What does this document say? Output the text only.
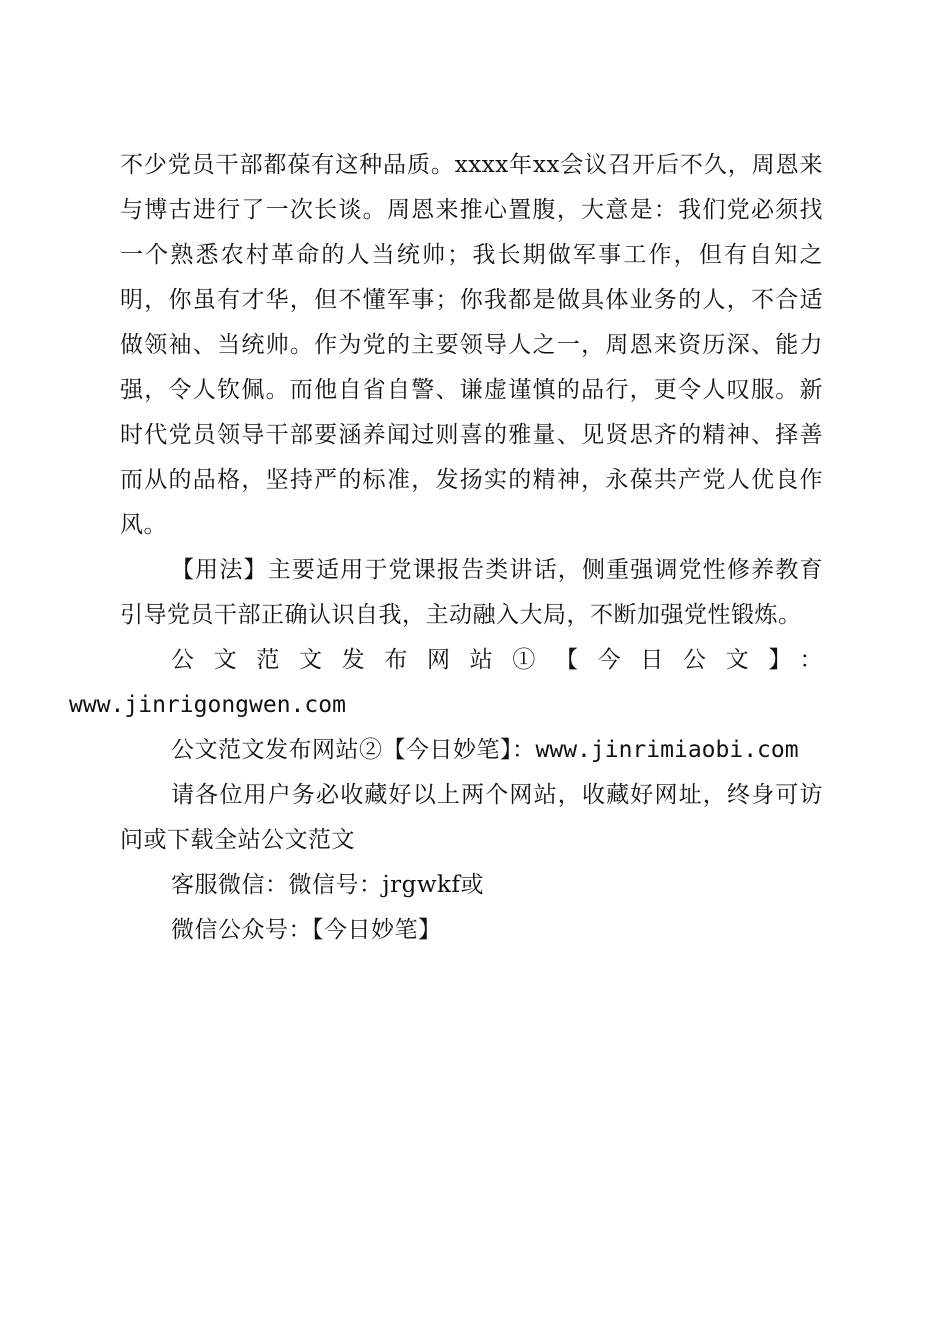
不少党员干部都葆有这种品质。xxxx年xx会议召开后不久，周恩来与博古进行了一次长谈。周恩来推心置腹，大意是：我们党必须找一个熟悉农村革命的人当统帅；我长期做军事工作，但有自知之明，你虽有才华，但不懂军事；你我都是做具体业务的人，不合适做领袖、当统帅。作为党的主要领导人之一，周恩来资历深、能力强，令人钦佩。而他自省自警、谦虚谨慎的品行，更令人叹服。新时代党员领导干部要涵养闻过则喜的雅量、见贤思齐的精神、择善而从的品格，坚持严的标准，发扬实的精神，永葆共产党人优良作风。

【用法】主要适用于党课报告类讲话，侧重强调党性修养教育引导党员干部正确认识自我，主动融入大局，不断加强党性锻炼。

公文范文发布网站①【今日公文】：
www.jinrigongwen.com

公文范文发布网站②【今日妙笔】：www.jinrimiaobi.com

请各位用户务必收藏好以上两个网站，收藏好网址，终身可访问或下载全站公文范文

客服微信：微信号：jrgwkf或

微信公众号：【今日妙笔】
